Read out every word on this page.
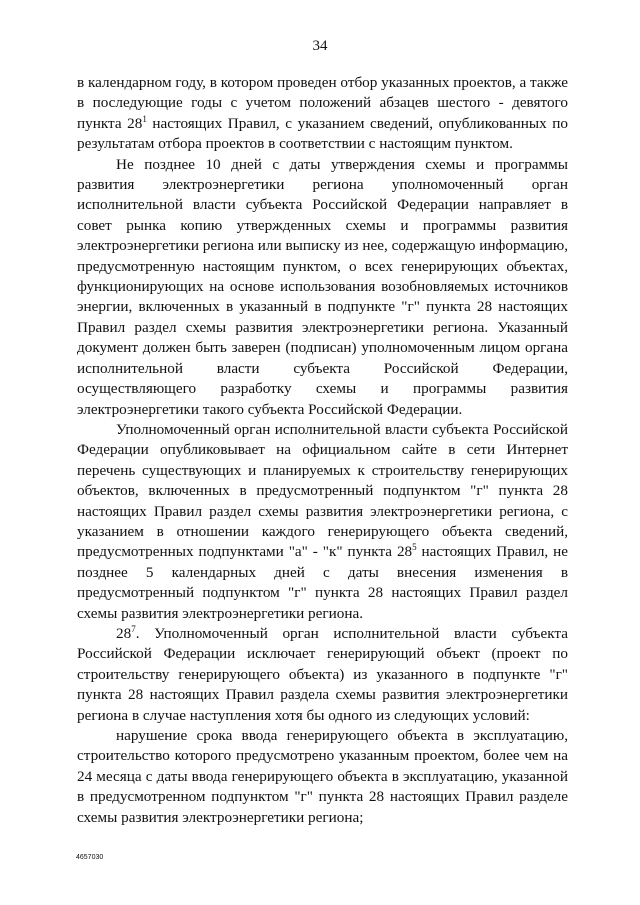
34

в календарном году, в котором проведен отбор указанных проектов, а также в последующие годы с учетом положений абзацев шестого - девятого пункта $28^1$ настоящих Правил, с указанием сведений, опубликованных по результатам отбора проектов в соответствии с настоящим пунктом.

Не позднее 10 дней с даты утверждения схемы и программы развития электроэнергетики региона уполномоченный орган исполнительной власти субъекта Российской Федерации направляет в совет рынка копию утвержденных схемы и программы развития электроэнергетики региона или выписку из нее, содержащую информацию, предусмотренную настоящим пунктом, о всех генерирующих объектах, функционирующих на основе использования возобновляемых источников энергии, включенных в указанный в подпункте "г" пункта 28 настоящих Правил раздел схемы развития электроэнергетики региона. Указанный документ должен быть заверен (подписан) уполномоченным лицом органа исполнительной власти субъекта Российской Федерации, осуществляющего разработку схемы и программы развития электроэнергетики такого субъекта Российской Федерации.

Уполномоченный орган исполнительной власти субъекта Российской Федерации опубликовывает на официальном сайте в сети Интернет перечень существующих и планируемых к строительству генерирующих объектов, включенных в предусмотренный подпунктом "г" пункта 28 настоящих Правил раздел схемы развития электроэнергетики региона, с указанием в отношении каждого генерирующего объекта сведений, предусмотренных подпунктами "а" - "к" пункта $28^5$ настоящих Правил, не позднее 5 календарных дней с даты внесения изменения в предусмотренный подпунктом "г" пункта 28 настоящих Правил раздел схемы развития электроэнергетики региона.

$28^7$. Уполномоченный орган исполнительной власти субъекта Российской Федерации исключает генерирующий объект (проект по строительству генерирующего объекта) из указанного в подпункте "г" пункта 28 настоящих Правил раздела схемы развития электроэнергетики региона в случае наступления хотя бы одного из следующих условий:

нарушение срока ввода генерирующего объекта в эксплуатацию, строительство которого предусмотрено указанным проектом, более чем на 24 месяца с даты ввода генерирующего объекта в эксплуатацию, указанной в предусмотренном подпунктом "г" пункта 28 настоящих Правил разделе схемы развития электроэнергетики региона;

4657030
